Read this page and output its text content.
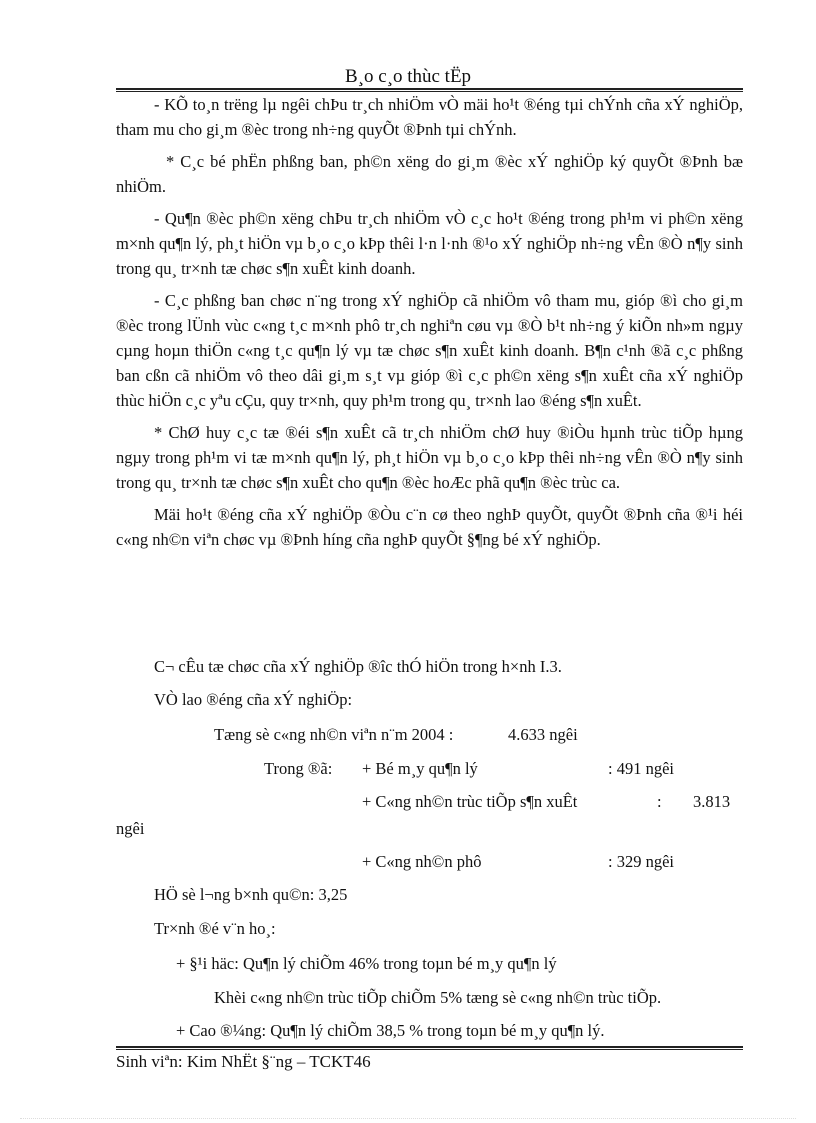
B¸o c¸o thùc tËp

- KÕ to¸n trëng lµ ngêi chÞu tr¸ch nhiÖm vÒ mäi ho¹t ®éng tµi chÝnh cña xÝ nghiÖp, tham mu cho gi¸m ®èc trong nh÷ng quyÕt ®Þnh tµi chÝnh.

* C¸c bé phËn phßng ban, ph©n xëng do gi¸m ®èc xÝ nghiÖp ký quyÕt ®Þnh bæ nhiÖm.

- Qu¶n ®èc ph©n xëng chÞu tr¸ch nhiÖm vÒ c¸c ho¹t ®éng trong ph¹m vi ph©n xëng m×nh qu¶n lý, ph¸t hiÖn vµ b¸o c¸o kÞp thêi l·n l·nh ®¹o xÝ nghiÖp nh÷ng vÊn ®Ò n¶y sinh trong qu¸ tr×nh tæ chøc s¶n xuÊt kinh doanh.

- C¸c phßng ban chøc n¨ng trong xÝ nghiÖp cã nhiÖm vô tham mu, gióp ®ì cho gi¸m ®èc trong lÜnh vùc c«ng t¸c m×nh phô tr¸ch nghiªn cøu vµ ®Ò b¹t nh÷ng ý kiÕn nh»m ngµy cµng hoµn thiÖn c«ng t¸c qu¶n lý vµ tæ chøc s¶n xuÊt kinh doanh. B¶n c¹nh ®ã c¸c phßng ban cßn cã nhiÖm vô theo dâi gi¸m s¸t vµ gióp ®ì c¸c ph©n xëng s¶n xuÊt cña xÝ nghiÖp thùc hiÖn c¸c yªu cÇu, quy tr×nh, quy ph¹m trong qu¸ tr×nh lao ®éng s¶n xuÊt.

* ChØ huy c¸c tæ ®éi s¶n xuÊt cã tr¸ch nhiÖm chØ huy ®iÒu hµnh trùc tiÕp hµng ngµy trong ph¹m vi tæ m×nh qu¶n lý, ph¸t hiÖn vµ b¸o c¸o kÞp thêi nh÷ng vÊn ®Ò n¶y sinh trong qu¸ tr×nh tæ chøc s¶n xuÊt cho qu¶n ®èc hoÆc phã qu¶n ®èc trùc ca.

Mäi ho¹t ®éng cña xÝ nghiÖp ®Òu c¨n cø theo nghÞ quyÕt, quyÕt ®Þnh cña ®¹i héi c«ng nh©n viªn chøc vµ ®Þnh híng cña nghÞ quyÕt §¶ng bé xÝ nghiÖp.

C¬ cÊu tæ chøc cña xÝ nghiÖp ®îc thÓ hiÖn trong h×nh I.3.
VÒ lao ®éng cña xÝ nghiÖp:
Tæng sè c«ng nh©n viªn n¨m 2004 :	4.633 ngêi
Trong ®ã: + Bé m¸y qu¶n lý	: 491 ngêi
+ C«ng nh©n trùc tiÕp s¶n xuÊt	: 3.813
ngêi
+ C«ng nh©n phô	: 329 ngêi
HÖ sè l¬ng b×nh qu©n: 3,25
Tr×nh ®é v¨n ho¸:
+ §¹i häc: Qu¶n lý chiÕm 46% trong toµn bé m¸y qu¶n lý
Khèi c«ng nh©n trùc tiÕp chiÕm 5% tæng sè c«ng nh©n trùc tiÕp.
+ Cao ®¼ng: Qu¶n lý chiÕm 38,5 % trong toµn bé m¸y qu¶n lý.
Sinh viªn: Kim NhËt §¨ng – TCKT46
